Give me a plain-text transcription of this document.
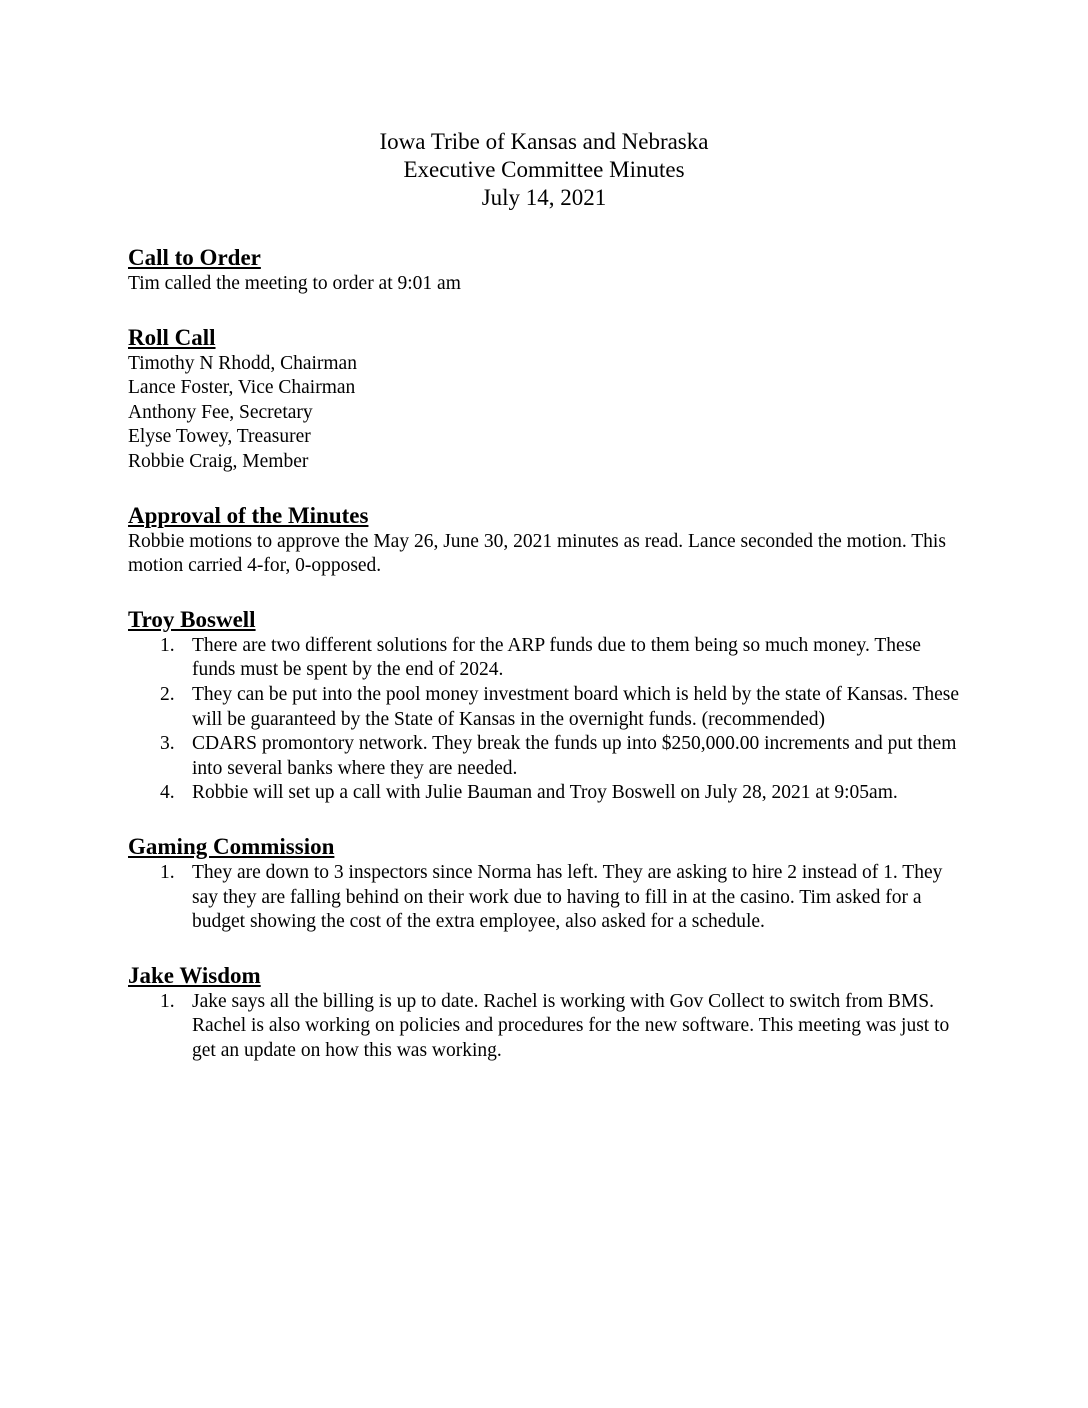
Iowa Tribe of Kansas and Nebraska
Executive Committee Minutes
July 14, 2021
Call to Order
Tim called the meeting to order at 9:01 am
Roll Call
Timothy N Rhodd, Chairman
Lance Foster, Vice Chairman
Anthony Fee, Secretary
Elyse Towey, Treasurer
Robbie Craig, Member
Approval of the Minutes
Robbie motions to approve the May 26, June 30, 2021 minutes as read. Lance seconded the motion. This motion carried 4-for, 0-opposed.
Troy Boswell
1. There are two different solutions for the ARP funds due to them being so much money. These funds must be spent by the end of 2024.
2. They can be put into the pool money investment board which is held by the state of Kansas. These will be guaranteed by the State of Kansas in the overnight funds. (recommended)
3. CDARS promontory network. They break the funds up into $250,000.00 increments and put them into several banks where they are needed.
4. Robbie will set up a call with Julie Bauman and Troy Boswell on July 28, 2021 at 9:05am.
Gaming Commission
1. They are down to 3 inspectors since Norma has left. They are asking to hire 2 instead of 1. They say they are falling behind on their work due to having to fill in at the casino. Tim asked for a budget showing the cost of the extra employee, also asked for a schedule.
Jake Wisdom
1. Jake says all the billing is up to date. Rachel is working with Gov Collect to switch from BMS. Rachel is also working on policies and procedures for the new software. This meeting was just to get an update on how this was working.
